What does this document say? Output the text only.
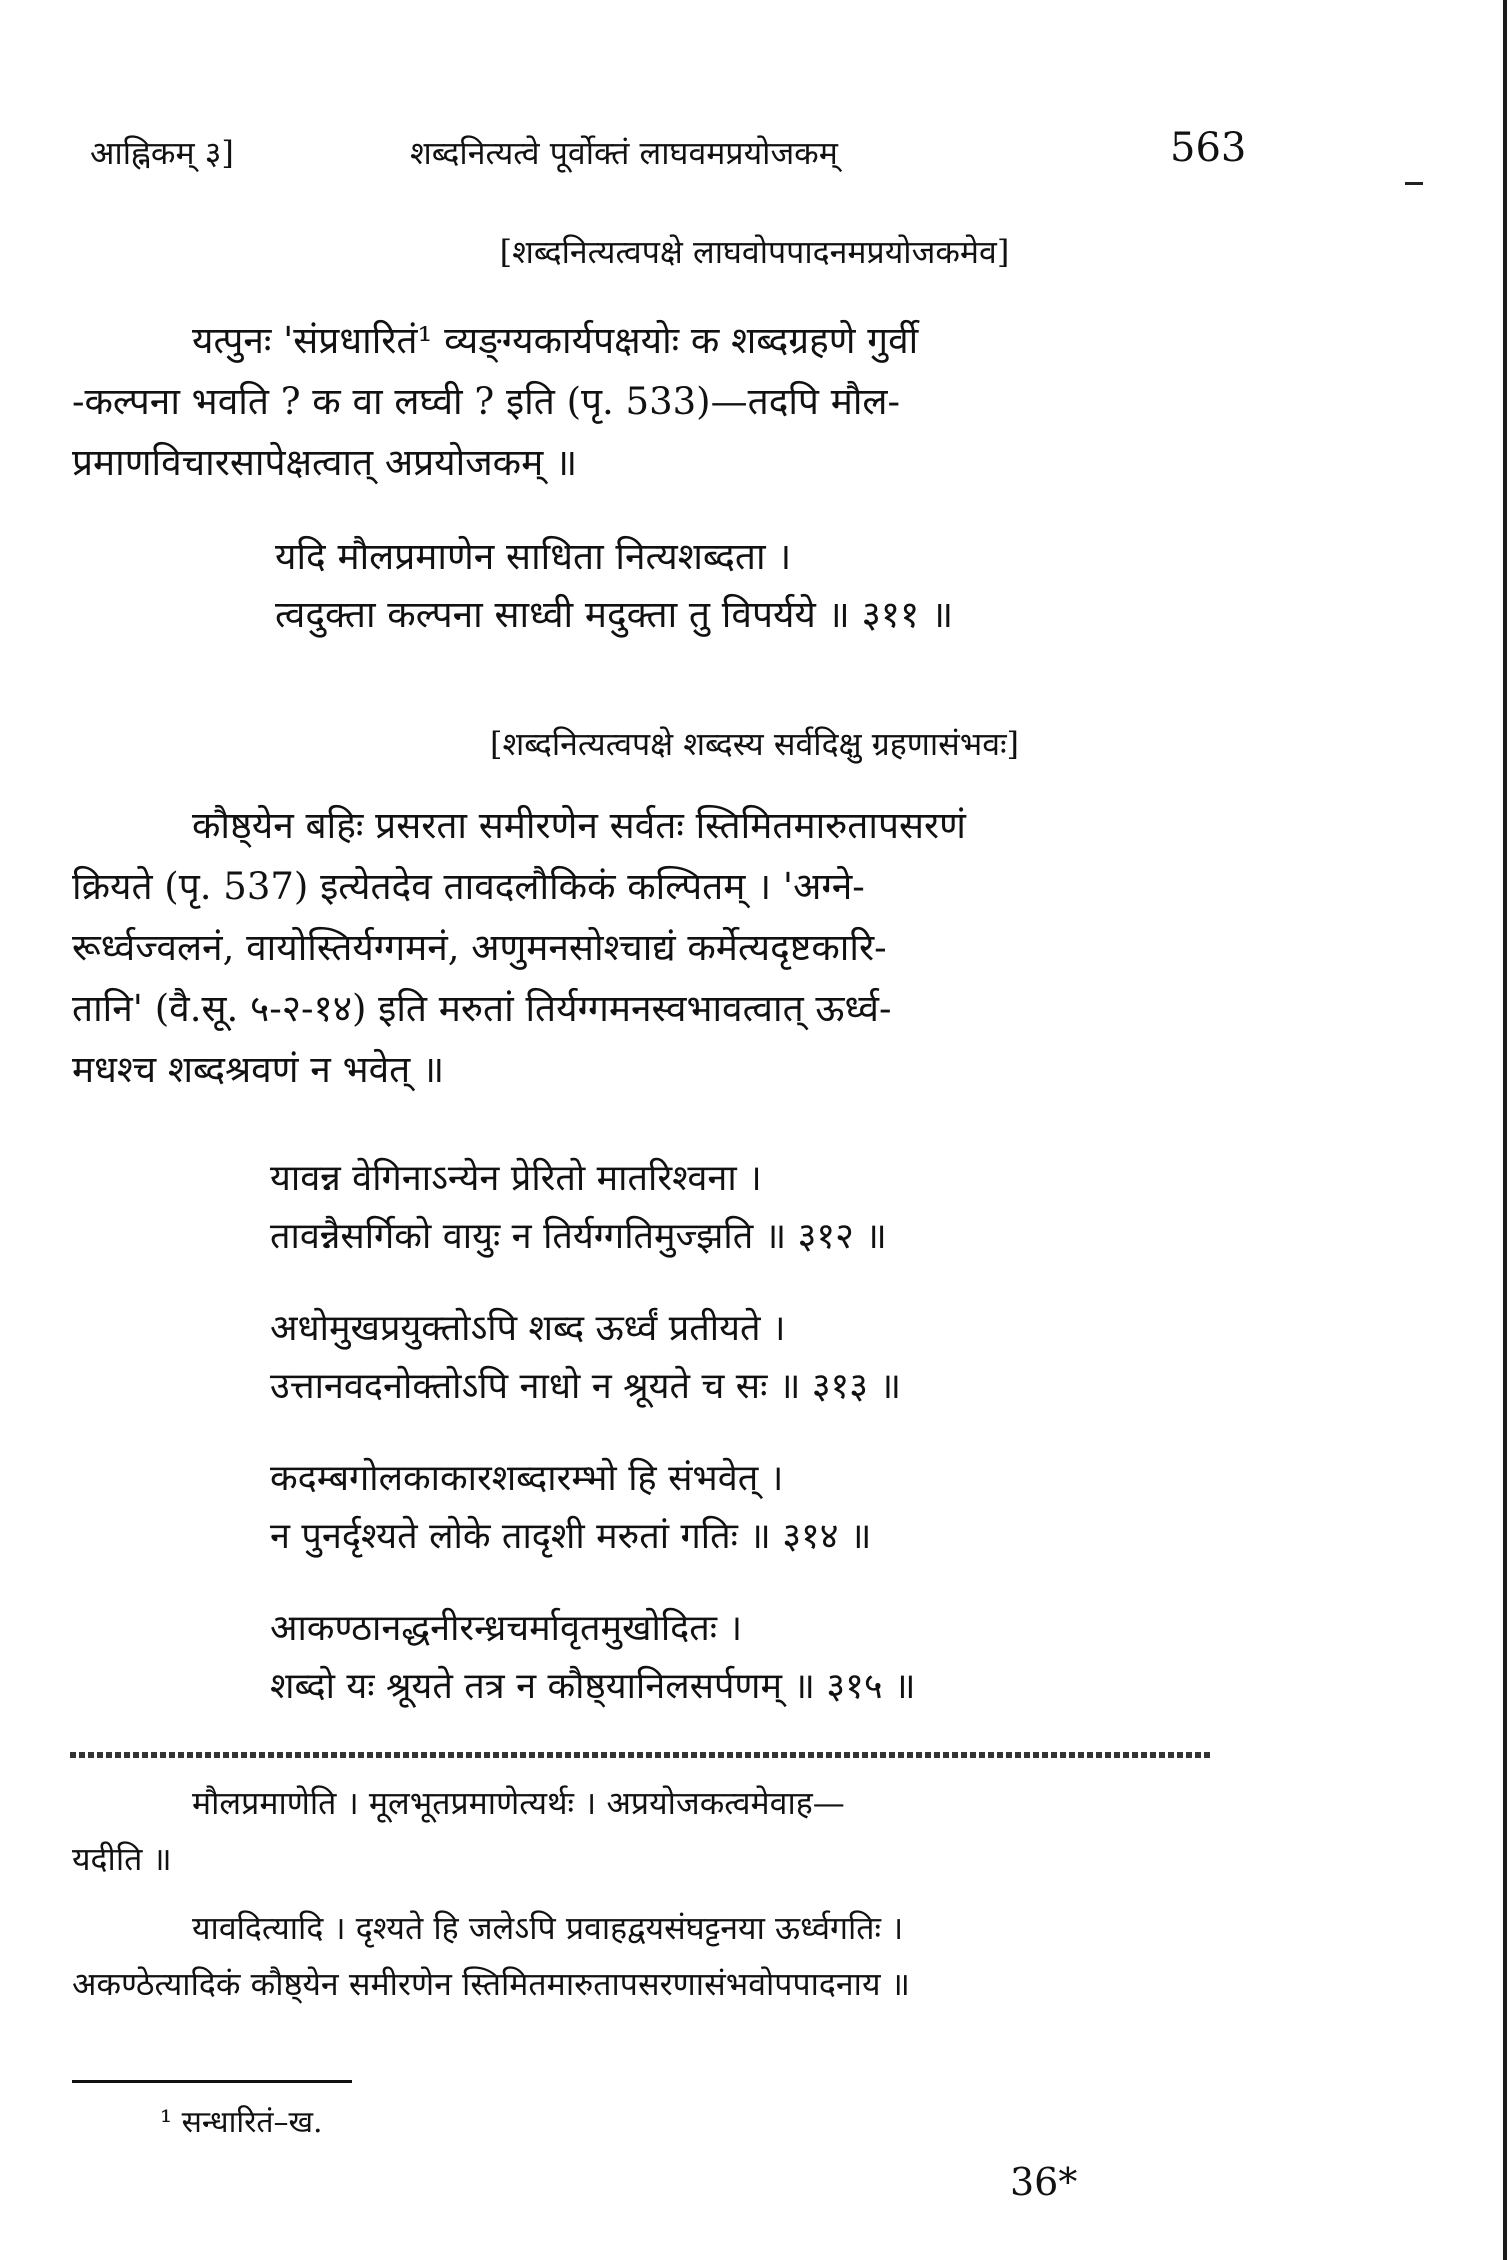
आह्निकम् ३]	शब्दनित्यत्वे पूर्वोक्तं लाघवमप्रयोजकम्	563
[शब्दनित्यत्वपक्षे लाघवोपपादनमप्रयोजकमेव]
यत्पुनः 'संप्रधारितं¹ व्यङ्ग्यकार्यपक्षयोः क शब्दग्रहणे गुर्वी
-कल्पना भवति ? क वा लघ्वी ? इति (पृ. 533)—तदपि मौल-
प्रमाणविचारसापेक्षत्वात् अप्रयोजकम् ॥
यदि मौलप्रमाणेन साधिता नित्यशब्दता ।
त्वदुक्ता कल्पना साध्वी मदुक्ता तु विपर्यये ॥ ३११ ॥
[शब्दनित्यत्वपक्षे शब्दस्य सर्वदिक्षु ग्रहणासंभवः]
कौष्ठ्येन बहिः प्रसरता समीरणेन सर्वतः स्तिमितमारुतापसरणं
क्रियते (पृ. 537) इत्येतदेव तावदलौकिकं कल्पितम् । 'अग्ने-
रूर्ध्वज्वलनं, वायोस्तिर्यग्गमनं, अणुमनसोश्चाद्यं कर्मेत्यदृष्टकारि-
तानि' (वै.सू. ५-२-१४) इति मरुतां तिर्यग्गमनस्वभावत्वात् ऊर्ध्व-
मधश्च शब्दश्रवणं न भवेत् ॥
यावन्न वेगिनाऽन्येन प्रेरितो मातरिश्वना ।
तावन्नैसर्गिको वायुः न तिर्यग्गतिमुज्झति ॥ ३१२ ॥
अधोमुखप्रयुक्तोऽपि शब्द ऊर्ध्वं प्रतीयते ।
उत्तानवदनोक्तोऽपि नाधो न श्रूयते च सः ॥ ३१३ ॥
कदम्बगोलकाकारशब्दारम्भो हि संभवेत् ।
न पुनर्दृश्यते लोके तादृशी मरुतां गतिः ॥ ३१४ ॥
आकण्ठानद्धनीरन्ध्रचर्मावृतमुखोदितः ।
शब्दो यः श्रूयते तत्र न कौष्ठ्यानिलसर्पणम् ॥ ३१५ ॥
मौलप्रमाणेति । मूलभूतप्रमाणेत्यर्थः । अप्रयोजकत्वमेवाह—
यदीति ॥
यावदित्यादि । दृश्यते हि जलेऽपि प्रवाहद्वयसंघट्टनया ऊर्ध्वगतिः ।
अकण्ठेत्यादिकं कौष्ठ्येन समीरणेन स्तिमितमारुतापसरणासंभवोपपादनाय ॥
¹ सन्धारितं–ख.
36*
